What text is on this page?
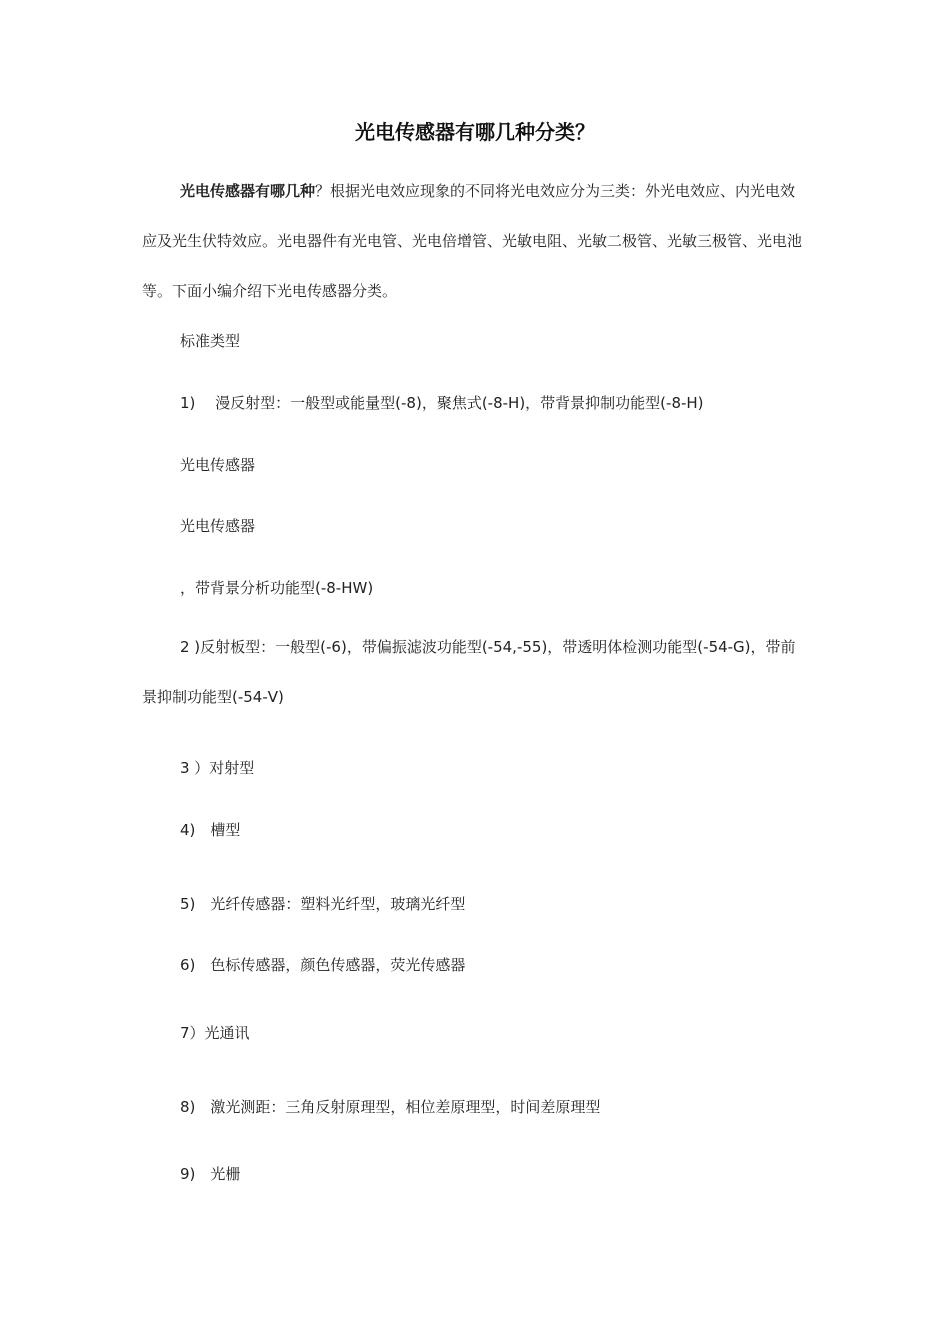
光电传感器有哪几种分类？

光电传感器有哪几种？根据光电效应现象的不同将光电效应分为三类：外光电效应、内光电效应及光生伏特效应。光电器件有光电管、光电倍增管、光敏电阻、光敏二极管、光敏三极管、光电池等。下面小编介绍下光电传感器分类。

标准类型
1)　 漫反射型：一般型或能量型(-8)，聚焦式(-8-H)，带背景抑制功能型(-8-H)
光电传感器
光电传感器
，带背景分析功能型(-8-HW)

2 )反射板型：一般型(-6)，带偏振滤波功能型(-54,-55)，带透明体检测功能型(-54-G)，带前景抑制功能型(-54-V)

3 ）对射型
4)　槽型
5)　光纤传感器：塑料光纤型，玻璃光纤型
6)　色标传感器，颜色传感器，荧光传感器
7）光通讯
8)　激光测距：三角反射原理型，相位差原理型，时间差原理型
9)　光栅
